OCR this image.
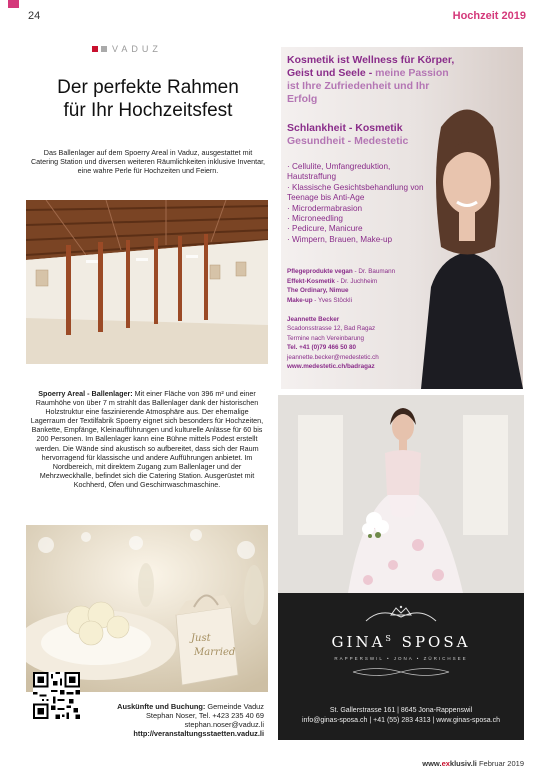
24	Hochzeit 2019
VADUZ
Der perfekte Rahmen
für Ihr Hochzeitsfest
Das Ballenlager auf dem Spoerry Areal in Vaduz, ausgestattet mit Catering Station und diversen weiteren Räumlichkeiten inklusive Inventar, eine wahre Perle für Hochzeiten und Feiern.
Spoerry Areal - Ballenlager: Mit einer Fläche von 396 m² und einer Raumhöhe von über 7 m strahlt das Ballenlager dank der historischen Holzstruktur eine faszinierende Atmosphäre aus. Der ehemalige Lagerraum der Textilfabrik Spoerry eignet sich besonders für Hochzeiten, Bankette, Empfänge, Kleinaufführungen und kulturelle Anlässe für 60 bis 200 Personen. Im Ballenlager kann eine Bühne mittels Podest erstellt werden. Die Wände sind akustisch so aufbereitet, dass sich der Raum hervorragend für klassische und andere Aufführungen anbietet. Im Nordbereich, mit direktem Zugang zum Ballenlager und der Mehrzweckhalle, befindet sich die Catering Station. Ausgerüstet mit Kochherd, Ofen und Geschirrwaschmaschine.
Just
Married
Auskünfte und Buchung: Gemeinde Vaduz
Stephan Noser, Tel. +423 235 40 69
stephan.noser@vaduz.li
http://veranstaltungsstaetten.vaduz.li
Kosmetik ist Wellness für Körper, Geist und Seele - meine Passion ist Ihre Zufriedenheit und Ihr Erfolg
Schlankheit - Kosmetik
Gesundheit - Medestetic
· Cellulite, Umfangreduktion, Hautstraffung
· Klassische Gesichtsbehandlung von Teenage bis Anti-Age
· Microdermabrasion
· Microneedling
· Pedicure, Manicure
· Wimpern, Brauen, Make-up
Pflegeprodukte vegan - Dr. Baumann
Effekt-Kosmetik - Dr. Juchheim
The Ordinary, Nimue
Make-up - Yves Stöckli
Jeannette Becker
Scadonsstrasse 12, Bad Ragaz
Termine nach Vereinbarung
Tel. +41 (0)79 466 50 80
jeannette.becker@medestetic.ch
www.medestetic.ch/badragaz
$GINA^S$ SPOSA
RAPPERSWIL • JONA • ZÜRICHSEE
St. Gallerstrasse 161 | 8645 Jona-Rappenswil
info@ginas-sposa.ch | +41 (55) 283 4313 | www.ginas-sposa.ch
www.exklusiv.li Februar 2019
